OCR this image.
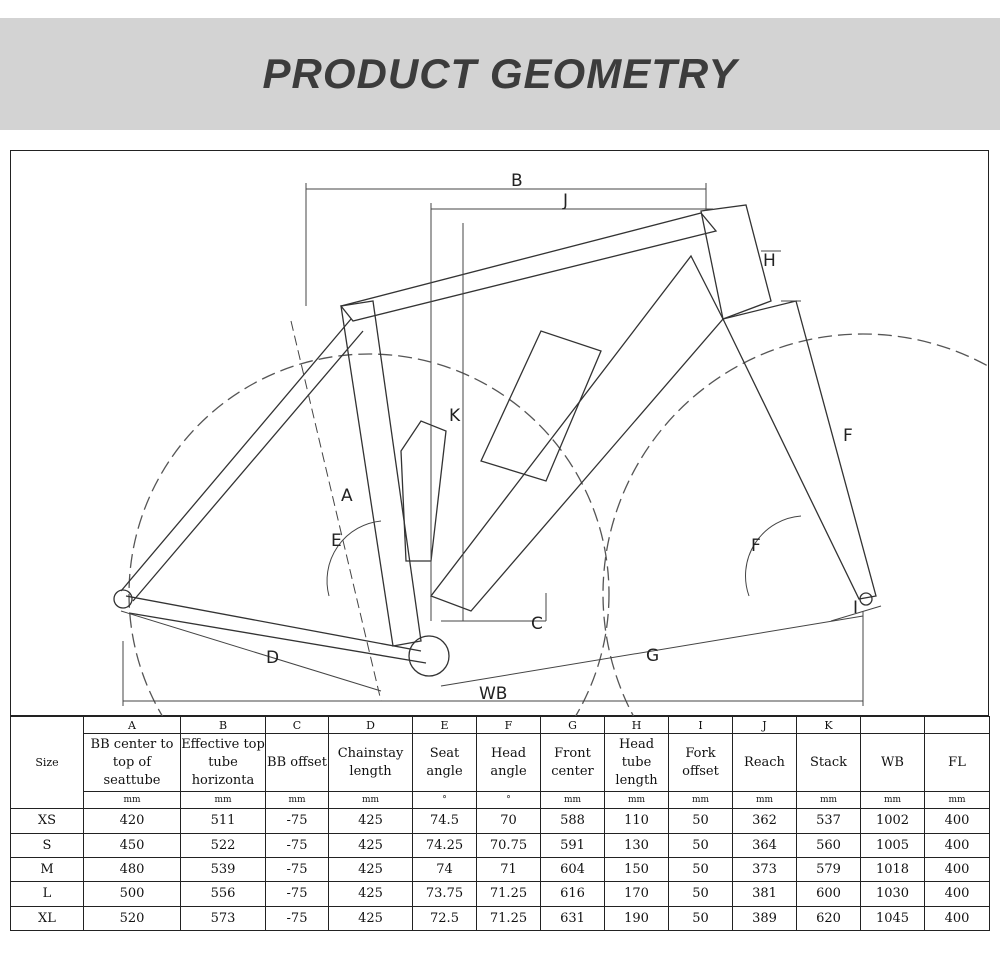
PRODUCT GEOMETRY
B
J
K
H
F
F
E
A
C
D	G
I
WB
Size	A	B	C	D	E	F	G	H	I	J	K		
	BB center to top of seattube	Effective top tube horizonta	BB offset	Chainstay length	Seat angle	Head angle	Front center	Head tube length	Fork offset	Reach	Stack	WB	FL
	mm	mm	mm	mm	°	°	mm	mm	mm	mm	mm	mm	mm
XS	420	511	-75	425	74.5	70	588	110	50	362	537	1002	400
S	450	522	-75	425	74.25	70.75	591	130	50	364	560	1005	400
M	480	539	-75	425	74	71	604	150	50	373	579	1018	400
L	500	556	-75	425	73.75	71.25	616	170	50	381	600	1030	400
XL	520	573	-75	425	72.5	71.25	631	190	50	389	620	1045	400
